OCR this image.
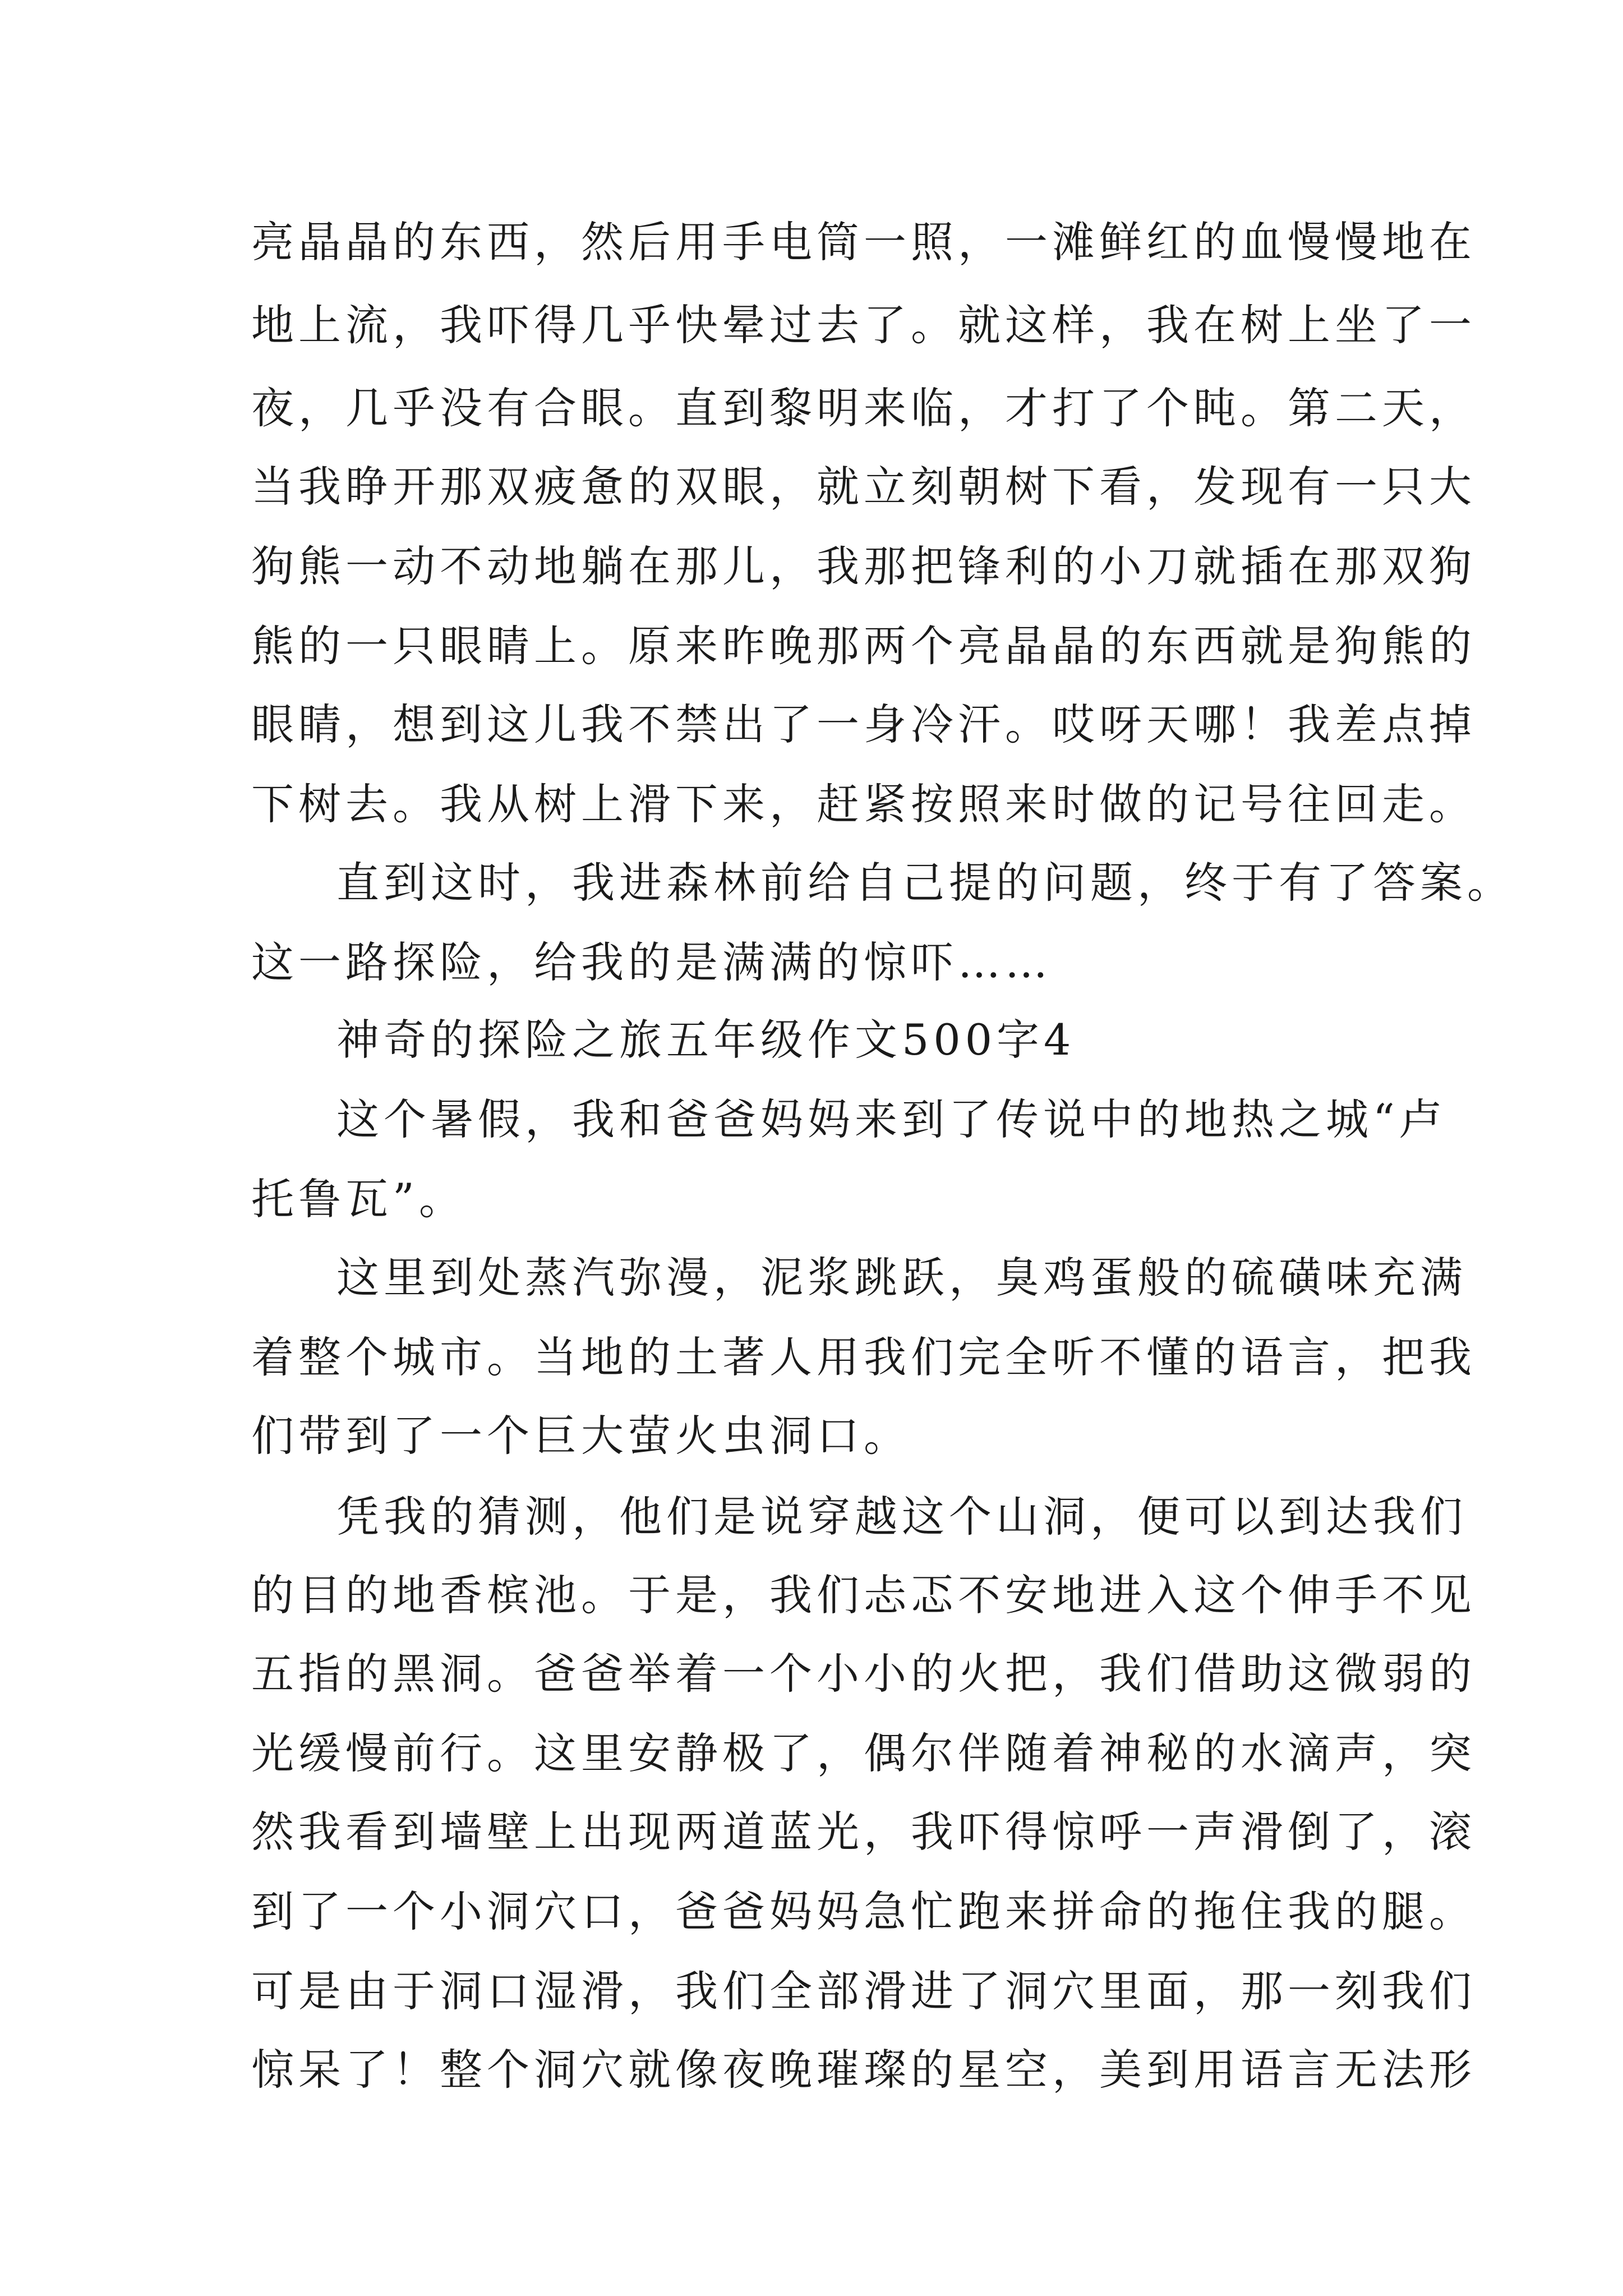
亮晶晶的东西，然后用手电筒一照，一滩鲜红的血慢慢地在

地上流，我吓得几乎快晕过去了。就这样，我在树上坐了一

夜，几乎没有合眼。直到黎明来临，才打了个盹。第二天，

当我睁开那双疲惫的双眼，就立刻朝树下看，发现有一只大

狗熊一动不动地躺在那儿，我那把锋利的小刀就插在那双狗

熊的一只眼睛上。原来昨晚那两个亮晶晶的东西就是狗熊的

眼睛，想到这儿我不禁出了一身冷汗。哎呀天哪！我差点掉

下树去。我从树上滑下来，赶紧按照来时做的记号往回走。

直到这时，我进森林前给自己提的问题，终于有了答案。

这一路探险，给我的是满满的惊吓……

神奇的探险之旅五年级作文500字4

这个暑假，我和爸爸妈妈来到了传说中的地热之城“卢

托鲁瓦”。

这里到处蒸汽弥漫，泥浆跳跃，臭鸡蛋般的硫磺味充满

着整个城市。当地的土著人用我们完全听不懂的语言，把我

们带到了一个巨大萤火虫洞口。

凭我的猜测，他们是说穿越这个山洞，便可以到达我们

的目的地香槟池。于是，我们忐忑不安地进入这个伸手不见

五指的黑洞。爸爸举着一个小小的火把，我们借助这微弱的

光缓慢前行。这里安静极了，偶尔伴随着神秘的水滴声，突

然我看到墙壁上出现两道蓝光，我吓得惊呼一声滑倒了，滚

到了一个小洞穴口，爸爸妈妈急忙跑来拼命的拖住我的腿。

可是由于洞口湿滑，我们全部滑进了洞穴里面，那一刻我们

惊呆了！整个洞穴就像夜晚璀璨的星空，美到用语言无法形
